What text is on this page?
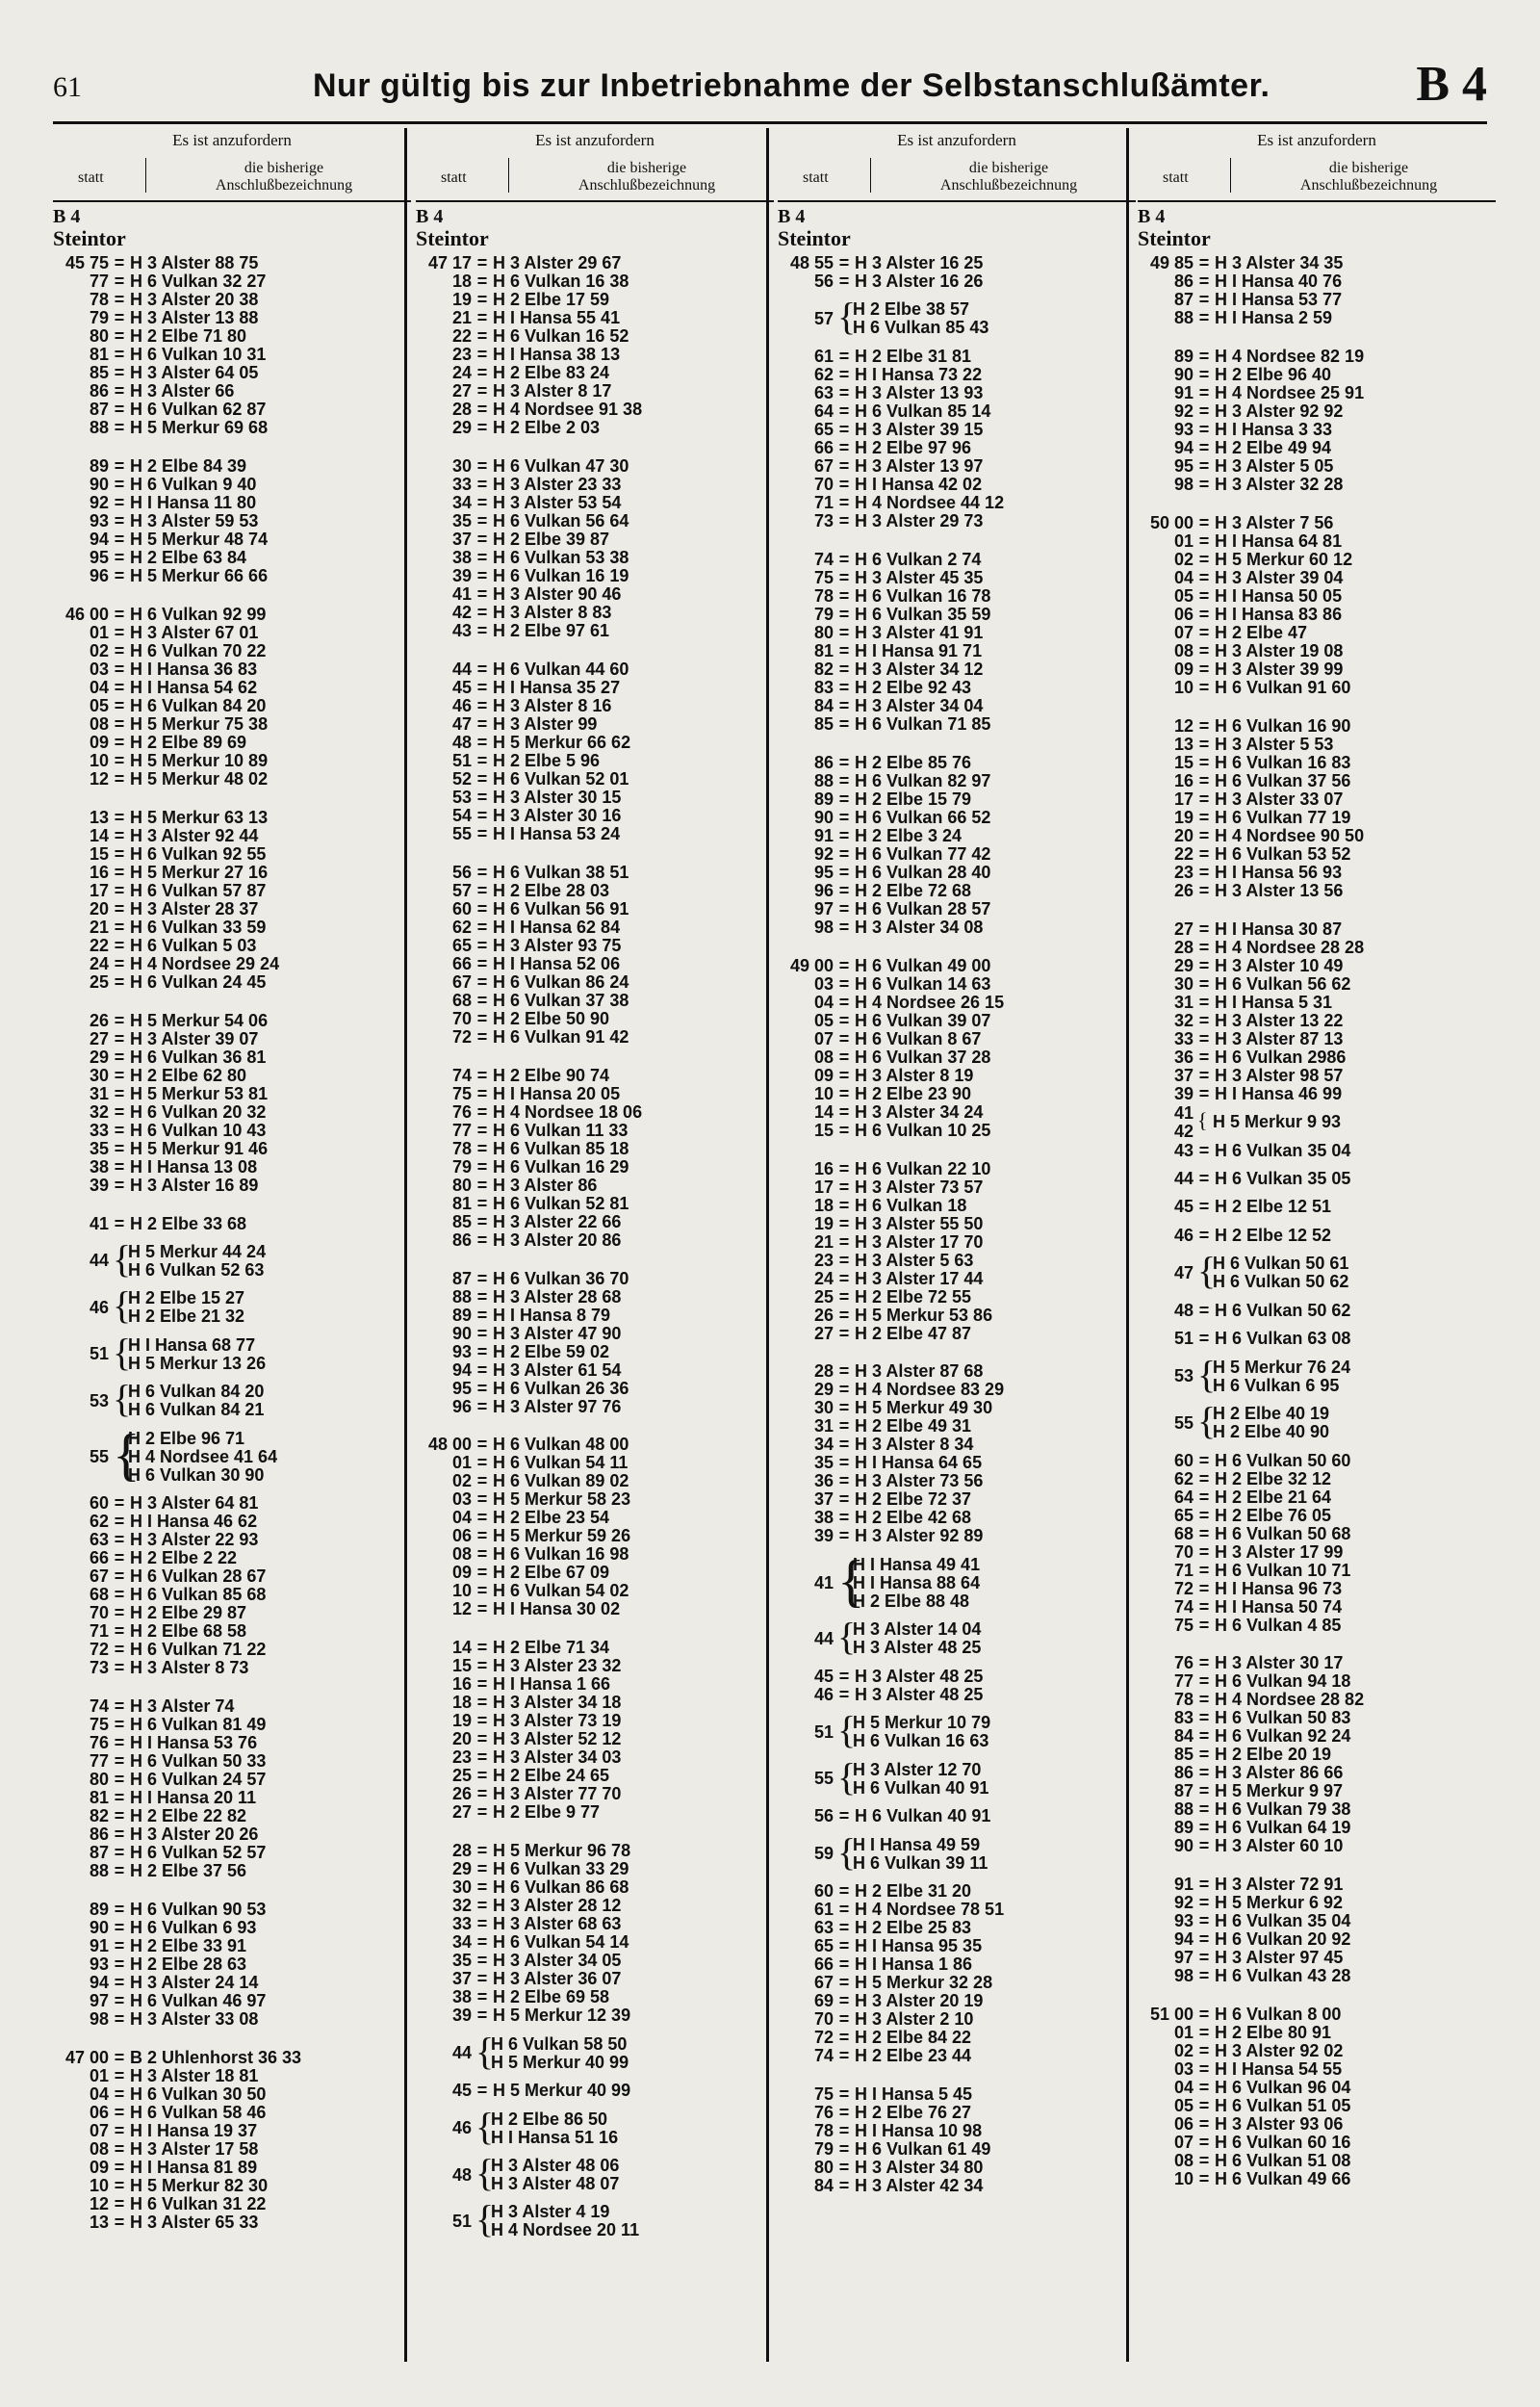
61	Nur gültig bis zur Inbetriebnahme der Selbstanschlußämter.	B 4
Es ist anzufordern
statt
die bisherige
Anschlußbezeichnung
B 4
Steintor
45 75 = H 3 Alster 88 75
77 = H 6 Vulkan 32 27
78 = H 3 Alster 20 38
79 = H 3 Alster 13 88
80 = H 2 Elbe 71 80
81 = H 6 Vulkan 10 31
85 = H 3 Alster 64 05
86 = H 3 Alster 66
87 = H 6 Vulkan 62 87
88 = H 5 Merkur 69 68
89 = H 2 Elbe 84 39
90 = H 6 Vulkan 9 40
92 = H I Hansa 11 80
93 = H 3 Alster 59 53
94 = H 5 Merkur 48 74
95 = H 2 Elbe 63 84
96 = H 5 Merkur 66 66
46 00 = H 6 Vulkan 92 99
01 = H 3 Alster 67 01
02 = H 6 Vulkan 70 22
03 = H I Hansa 36 83
04 = H I Hansa 54 62
05 = H 6 Vulkan 84 20
08 = H 5 Merkur 75 38
09 = H 2 Elbe 89 69
10 = H 5 Merkur 10 89
12 = H 5 Merkur 48 02
13 = H 5 Merkur 63 13
14 = H 3 Alster 92 44
15 = H 6 Vulkan 92 55
16 = H 5 Merkur 27 16
17 = H 6 Vulkan 57 87
20 = H 3 Alster 28 37
21 = H 6 Vulkan 33 59
22 = H 6 Vulkan 5 03
24 = H 4 Nordsee 29 24
25 = H 6 Vulkan 24 45
26 = H 5 Merkur 54 06
27 = H 3 Alster 39 07
29 = H 6 Vulkan 36 81
30 = H 2 Elbe 62 80
31 = H 5 Merkur 53 81
32 = H 6 Vulkan 20 32
33 = H 6 Vulkan 10 43
35 = H 5 Merkur 91 46
38 = H I Hansa 13 08
39 = H 3 Alster 16 89
41 = H 2 Elbe 33 68
44 {
H 5 Merkur 44 24
H 6 Vulkan 52 63
46 {
H 2 Elbe 15 27
H 2 Elbe 21 32
51 {
H I Hansa 68 77
H 5 Merkur 13 26
53 {
H 6 Vulkan 84 20
H 6 Vulkan 84 21
55 {
H 2 Elbe 96 71
H 4 Nordsee 41 64
H 6 Vulkan 30 90
60 = H 3 Alster 64 81
62 = H I Hansa 46 62
63 = H 3 Alster 22 93
66 = H 2 Elbe 2 22
67 = H 6 Vulkan 28 67
68 = H 6 Vulkan 85 68
70 = H 2 Elbe 29 87
71 = H 2 Elbe 68 58
72 = H 6 Vulkan 71 22
73 = H 3 Alster 8 73
74 = H 3 Alster 74
75 = H 6 Vulkan 81 49
76 = H I Hansa 53 76
77 = H 6 Vulkan 50 33
80 = H 6 Vulkan 24 57
81 = H I Hansa 20 11
82 = H 2 Elbe 22 82
86 = H 3 Alster 20 26
87 = H 6 Vulkan 52 57
88 = H 2 Elbe 37 56
89 = H 6 Vulkan 90 53
90 = H 6 Vulkan 6 93
91 = H 2 Elbe 33 91
93 = H 2 Elbe 28 63
94 = H 3 Alster 24 14
97 = H 6 Vulkan 46 97
98 = H 3 Alster 33 08
47 00 = B 2 Uhlenhorst 36 33
01 = H 3 Alster 18 81
04 = H 6 Vulkan 30 50
06 = H 6 Vulkan 58 46
07 = H I Hansa 19 37
08 = H 3 Alster 17 58
09 = H I Hansa 81 89
10 = H 5 Merkur 82 30
12 = H 6 Vulkan 31 22
13 = H 3 Alster 65 33
Es ist anzufordern
statt
die bisherige
Anschlußbezeichnung
B 4
Steintor
47 17 = H 3 Alster 29 67
18 = H 6 Vulkan 16 38
19 = H 2 Elbe 17 59
21 = H I Hansa 55 41
22 = H 6 Vulkan 16 52
23 = H I Hansa 38 13
24 = H 2 Elbe 83 24
27 = H 3 Alster 8 17
28 = H 4 Nordsee 91 38
29 = H 2 Elbe 2 03
30 = H 6 Vulkan 47 30
33 = H 3 Alster 23 33
34 = H 3 Alster 53 54
35 = H 6 Vulkan 56 64
37 = H 2 Elbe 39 87
38 = H 6 Vulkan 53 38
39 = H 6 Vulkan 16 19
41 = H 3 Alster 90 46
42 = H 3 Alster 8 83
43 = H 2 Elbe 97 61
44 = H 6 Vulkan 44 60
45 = H I Hansa 35 27
46 = H 3 Alster 8 16
47 = H 3 Alster 99
48 = H 5 Merkur 66 62
51 = H 2 Elbe 5 96
52 = H 6 Vulkan 52 01
53 = H 3 Alster 30 15
54 = H 3 Alster 30 16
55 = H I Hansa 53 24
56 = H 6 Vulkan 38 51
57 = H 2 Elbe 28 03
60 = H 6 Vulkan 56 91
62 = H I Hansa 62 84
65 = H 3 Alster 93 75
66 = H I Hansa 52 06
67 = H 6 Vulkan 86 24
68 = H 6 Vulkan 37 38
70 = H 2 Elbe 50 90
72 = H 6 Vulkan 91 42
74 = H 2 Elbe 90 74
75 = H I Hansa 20 05
76 = H 4 Nordsee 18 06
77 = H 6 Vulkan 11 33
78 = H 6 Vulkan 85 18
79 = H 6 Vulkan 16 29
80 = H 3 Alster 86
81 = H 6 Vulkan 52 81
85 = H 3 Alster 22 66
86 = H 3 Alster 20 86
87 = H 6 Vulkan 36 70
88 = H 3 Alster 28 68
89 = H I Hansa 8 79
90 = H 3 Alster 47 90
93 = H 2 Elbe 59 02
94 = H 3 Alster 61 54
95 = H 6 Vulkan 26 36
96 = H 3 Alster 97 76
48 00 = H 6 Vulkan 48 00
01 = H 6 Vulkan 54 11
02 = H 6 Vulkan 89 02
03 = H 5 Merkur 58 23
04 = H 2 Elbe 23 54
06 = H 5 Merkur 59 26
08 = H 6 Vulkan 16 98
09 = H 2 Elbe 67 09
10 = H 6 Vulkan 54 02
12 = H I Hansa 30 02
14 = H 2 Elbe 71 34
15 = H 3 Alster 23 32
16 = H I Hansa 1 66
18 = H 3 Alster 34 18
19 = H 3 Alster 73 19
20 = H 3 Alster 52 12
23 = H 3 Alster 34 03
25 = H 2 Elbe 24 65
26 = H 3 Alster 77 70
27 = H 2 Elbe 9 77
28 = H 5 Merkur 96 78
29 = H 6 Vulkan 33 29
30 = H 6 Vulkan 86 68
32 = H 3 Alster 28 12
33 = H 3 Alster 68 63
34 = H 6 Vulkan 54 14
35 = H 3 Alster 34 05
37 = H 3 Alster 36 07
38 = H 2 Elbe 69 58
39 = H 5 Merkur 12 39
44 {
H 6 Vulkan 58 50
H 5 Merkur 40 99
45 = H 5 Merkur 40 99
46 {
H 2 Elbe 86 50
H I Hansa 51 16
48 {
H 3 Alster 48 06
H 3 Alster 48 07
51 {
H 3 Alster 4 19
H 4 Nordsee 20 11
Es ist anzufordern
statt
die bisherige
Anschlußbezeichnung
B 4
Steintor
48 55 = H 3 Alster 16 25
56 = H 3 Alster 16 26
57 {
H 2 Elbe 38 57
H 6 Vulkan 85 43
61 = H 2 Elbe 31 81
62 = H I Hansa 73 22
63 = H 3 Alster 13 93
64 = H 6 Vulkan 85 14
65 = H 3 Alster 39 15
66 = H 2 Elbe 97 96
67 = H 3 Alster 13 97
70 = H I Hansa 42 02
71 = H 4 Nordsee 44 12
73 = H 3 Alster 29 73
74 = H 6 Vulkan 2 74
75 = H 3 Alster 45 35
78 = H 6 Vulkan 16 78
79 = H 6 Vulkan 35 59
80 = H 3 Alster 41 91
81 = H I Hansa 91 71
82 = H 3 Alster 34 12
83 = H 2 Elbe 92 43
84 = H 3 Alster 34 04
85 = H 6 Vulkan 71 85
86 = H 2 Elbe 85 76
88 = H 6 Vulkan 82 97
89 = H 2 Elbe 15 79
90 = H 6 Vulkan 66 52
91 = H 2 Elbe 3 24
92 = H 6 Vulkan 77 42
95 = H 6 Vulkan 28 40
96 = H 2 Elbe 72 68
97 = H 6 Vulkan 28 57
98 = H 3 Alster 34 08
49 00 = H 6 Vulkan 49 00
03 = H 6 Vulkan 14 63
04 = H 4 Nordsee 26 15
05 = H 6 Vulkan 39 07
07 = H 6 Vulkan 8 67
08 = H 6 Vulkan 37 28
09 = H 3 Alster 8 19
10 = H 2 Elbe 23 90
14 = H 3 Alster 34 24
15 = H 6 Vulkan 10 25
16 = H 6 Vulkan 22 10
17 = H 3 Alster 73 57
18 = H 6 Vulkan 18
19 = H 3 Alster 55 50
21 = H 3 Alster 17 70
23 = H 3 Alster 5 63
24 = H 3 Alster 17 44
25 = H 2 Elbe 72 55
26 = H 5 Merkur 53 86
27 = H 2 Elbe 47 87
28 = H 3 Alster 87 68
29 = H 4 Nordsee 83 29
30 = H 5 Merkur 49 30
31 = H 2 Elbe 49 31
34 = H 3 Alster 8 34
35 = H I Hansa 64 65
36 = H 3 Alster 73 56
37 = H 2 Elbe 72 37
38 = H 2 Elbe 42 68
39 = H 3 Alster 92 89
41 {
H I Hansa 49 41
H I Hansa 88 64
H 2 Elbe 88 48
44 {
H 3 Alster 14 04
H 3 Alster 48 25
45 = H 3 Alster 48 25
46 = H 3 Alster 48 25
51 {
H 5 Merkur 10 79
H 6 Vulkan 16 63
55 {
H 3 Alster 12 70
H 6 Vulkan 40 91
56 = H 6 Vulkan 40 91
59 {
H I Hansa 49 59
H 6 Vulkan 39 11
60 = H 2 Elbe 31 20
61 = H 4 Nordsee 78 51
63 = H 2 Elbe 25 83
65 = H I Hansa 95 35
66 = H I Hansa 1 86
67 = H 5 Merkur 32 28
69 = H 3 Alster 20 19
70 = H 3 Alster 2 10
72 = H 2 Elbe 84 22
74 = H 2 Elbe 23 44
75 = H I Hansa 5 45
76 = H 2 Elbe 76 27
78 = H I Hansa 10 98
79 = H 6 Vulkan 61 49
80 = H 3 Alster 34 80
84 = H 3 Alster 42 34
Es ist anzufordern
statt
die bisherige
Anschlußbezeichnung
B 4
Steintor
49 85 = H 3 Alster 34 35
86 = H I Hansa 40 76
87 = H I Hansa 53 77
88 = H I Hansa 2 59
89 = H 4 Nordsee 82 19
90 = H 2 Elbe 96 40
91 = H 4 Nordsee 25 91
92 = H 3 Alster 92 92
93 = H I Hansa 3 33
94 = H 2 Elbe 49 94
95 = H 3 Alster 5 05
98 = H 3 Alster 32 28
50 00 = H 3 Alster 7 56
01 = H I Hansa 64 81
02 = H 5 Merkur 60 12
04 = H 3 Alster 39 04
05 = H I Hansa 50 05
06 = H I Hansa 83 86
07 = H 2 Elbe 47
08 = H 3 Alster 19 08
09 = H 3 Alster 39 99
10 = H 6 Vulkan 91 60
12 = H 6 Vulkan 16 90
13 = H 3 Alster 5 53
15 = H 6 Vulkan 16 83
16 = H 6 Vulkan 37 56
17 = H 3 Alster 33 07
19 = H 6 Vulkan 77 19
20 = H 4 Nordsee 90 50
22 = H 6 Vulkan 53 52
23 = H I Hansa 56 93
26 = H 3 Alster 13 56
27 = H I Hansa 30 87
28 = H 4 Nordsee 28 28
29 = H 3 Alster 10 49
30 = H 6 Vulkan 56 62
31 = H I Hansa 5 31
32 = H 3 Alster 13 22
33 = H 3 Alster 87 13
36 = H 6 Vulkan 2986
37 = H 3 Alster 98 57
39 = H I Hansa 46 99
41
42 { H 5 Merkur 9 93
43 = H 6 Vulkan 35 04
44 = H 6 Vulkan 35 05
45 = H 2 Elbe 12 51
46 = H 2 Elbe 12 52
47 {
H 6 Vulkan 50 61
H 6 Vulkan 50 62
48 = H 6 Vulkan 50 62
51 = H 6 Vulkan 63 08
53 {
H 5 Merkur 76 24
H 6 Vulkan 6 95
55 {
H 2 Elbe 40 19
H 2 Elbe 40 90
60 = H 6 Vulkan 50 60
62 = H 2 Elbe 32 12
64 = H 2 Elbe 21 64
65 = H 2 Elbe 76 05
68 = H 6 Vulkan 50 68
70 = H 3 Alster 17 99
71 = H 6 Vulkan 10 71
72 = H I Hansa 96 73
74 = H I Hansa 50 74
75 = H 6 Vulkan 4 85
76 = H 3 Alster 30 17
77 = H 6 Vulkan 94 18
78 = H 4 Nordsee 28 82
83 = H 6 Vulkan 50 83
84 = H 6 Vulkan 92 24
85 = H 2 Elbe 20 19
86 = H 3 Alster 86 66
87 = H 5 Merkur 9 97
88 = H 6 Vulkan 79 38
89 = H 6 Vulkan 64 19
90 = H 3 Alster 60 10
91 = H 3 Alster 72 91
92 = H 5 Merkur 6 92
93 = H 6 Vulkan 35 04
94 = H 6 Vulkan 20 92
97 = H 3 Alster 97 45
98 = H 6 Vulkan 43 28
51 00 = H 6 Vulkan 8 00
01 = H 2 Elbe 80 91
02 = H 3 Alster 92 02
03 = H I Hansa 54 55
04 = H 6 Vulkan 96 04
05 = H 6 Vulkan 51 05
06 = H 3 Alster 93 06
07 = H 6 Vulkan 60 16
08 = H 6 Vulkan 51 08
10 = H 6 Vulkan 49 66
